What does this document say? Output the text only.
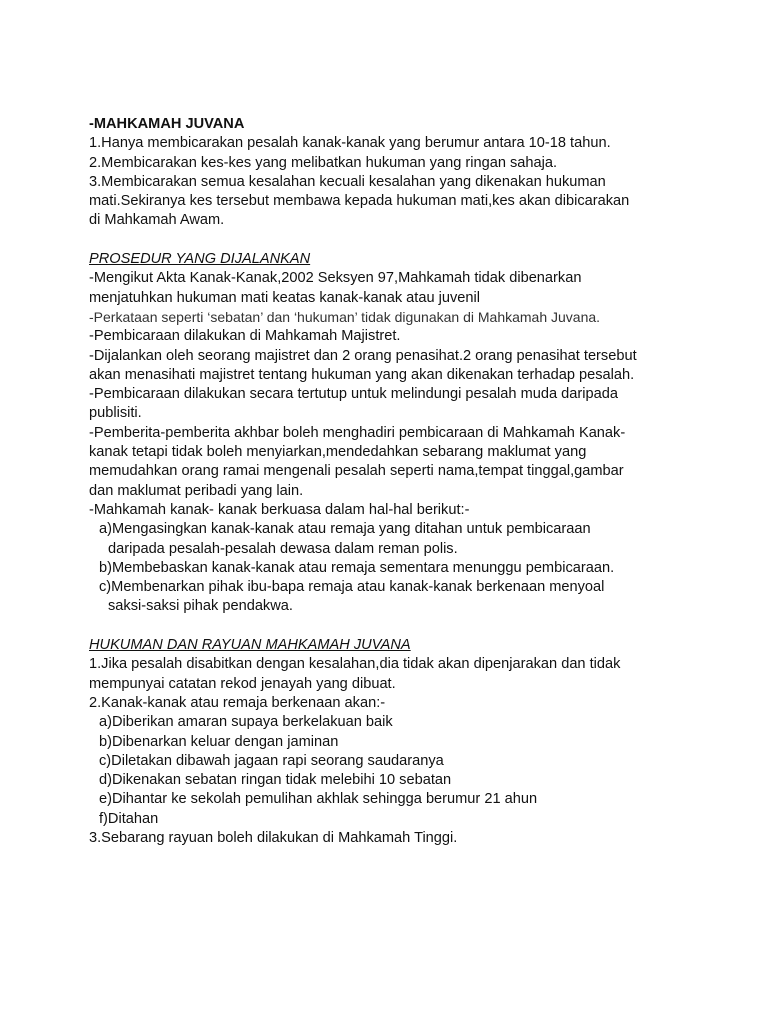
-MAHKAMAH JUVANA
1.Hanya membicarakan pesalah kanak-kanak yang berumur antara 10-18 tahun.
2.Membicarakan kes-kes yang melibatkan hukuman yang ringan sahaja.
3.Membicarakan semua kesalahan kecuali kesalahan yang dikenakan hukuman
mati.Sekiranya kes tersebut membawa kepada hukuman mati,kes akan dibicarakan
di Mahkamah Awam.
PROSEDUR YANG DIJALANKAN
-Mengikut Akta Kanak-Kanak,2002 Seksyen 97,Mahkamah tidak dibenarkan
menjatuhkan hukuman mati keatas kanak-kanak atau juvenil
-Perkataan seperti ‘sebatan’ dan ‘hukuman’ tidak digunakan di Mahkamah Juvana.
-Pembicaraan dilakukan di Mahkamah Majistret.
-Dijalankan oleh seorang majistret dan 2 orang penasihat.2 orang penasihat tersebut
akan menasihati majistret tentang hukuman yang akan dikenakan terhadap pesalah.
-Pembicaraan dilakukan secara tertutup untuk melindungi pesalah muda daripada
publisiti.
-Pemberita-pemberita akhbar boleh menghadiri pembicaraan di Mahkamah Kanak-
kanak tetapi tidak boleh menyiarkan,mendedahkan sebarang maklumat yang
memudahkan orang ramai mengenali pesalah seperti nama,tempat tinggal,gambar
dan maklumat peribadi yang lain.
-Mahkamah kanak- kanak berkuasa dalam hal-hal berikut:-
a)Mengasingkan kanak-kanak atau remaja yang ditahan untuk pembicaraan
daripada pesalah-pesalah dewasa dalam reman polis.
b)Membebaskan kanak-kanak atau remaja sementara menunggu pembicaraan.
c)Membenarkan pihak ibu-bapa remaja atau kanak-kanak berkenaan menyoal
saksi-saksi pihak pendakwa.
HUKUMAN DAN RAYUAN MAHKAMAH JUVANA
1.Jika pesalah disabitkan dengan kesalahan,dia tidak akan dipenjarakan dan tidak
mempunyai catatan rekod jenayah yang dibuat.
2.Kanak-kanak atau remaja berkenaan akan:-
a)Diberikan amaran supaya berkelakuan baik
b)Dibenarkan keluar dengan jaminan
c)Diletakan dibawah jagaan rapi seorang saudaranya
d)Dikenakan sebatan ringan tidak melebihi 10 sebatan
e)Dihantar ke sekolah pemulihan akhlak sehingga berumur 21 ahun
f)Ditahan
3.Sebarang rayuan boleh dilakukan di Mahkamah Tinggi.
